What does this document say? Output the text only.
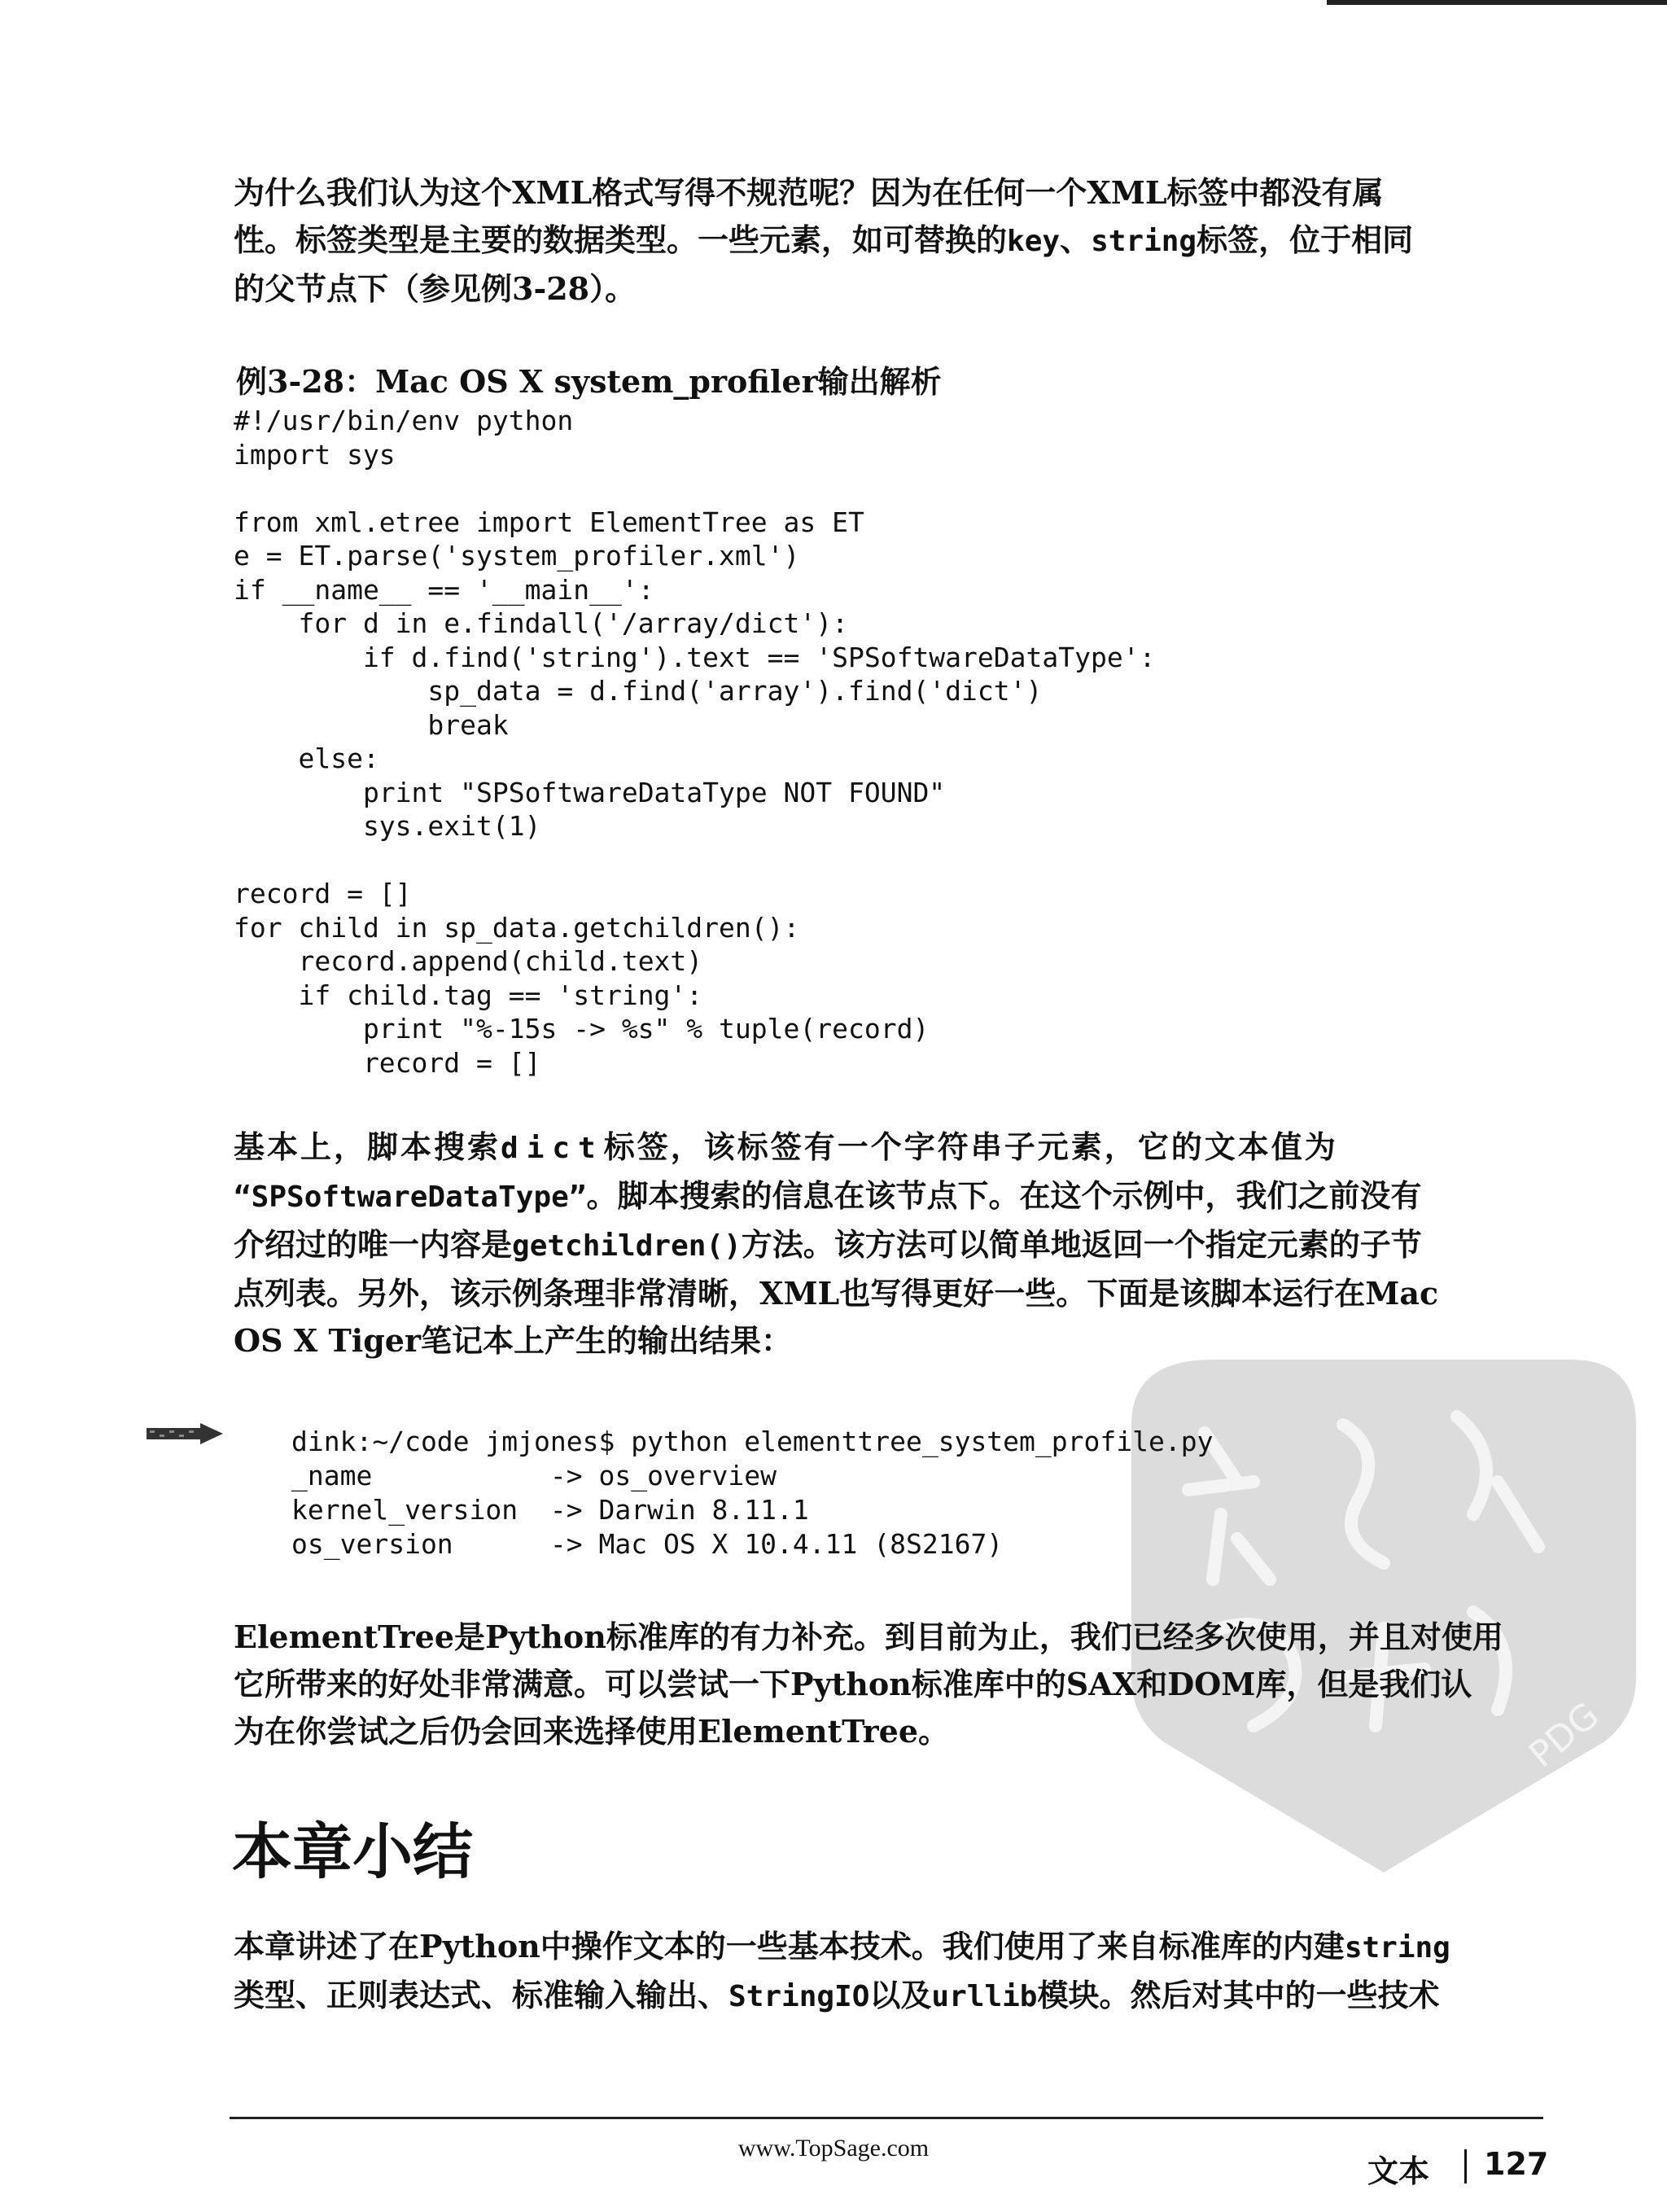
PDG
为什么我们认为这个XML格式写得不规范呢？因为在任何一个XML标签中都没有属
性。标签类型是主要的数据类型。一些元素，如可替换的key、string标签，位于相同
的父节点下（参见例3-28）。
例3-28：Mac OS X system_profiler输出解析
#!/usr/bin/env python
import sys
from xml.etree import ElementTree as ET
e = ET.parse('system_profiler.xml')
if __name__ == '__main__':
for d in e.findall('/array/dict'):
if d.find('string').text == 'SPSoftwareDataType':
sp_data = d.find('array').find('dict')
break
else:
print "SPSoftwareDataType NOT FOUND"
sys.exit(1)
record = []
for child in sp_data.getchildren():
record.append(child.text)
if child.tag == 'string':
print "%-15s -> %s" % tuple(record)
record = []
基本上，脚本搜索dict标签，该标签有一个字符串子元素，它的文本值为
“SPSoftwareDataType”。脚本搜索的信息在该节点下。在这个示例中，我们之前没有
介绍过的唯一内容是getchildren()方法。该方法可以简单地返回一个指定元素的子节
点列表。另外，该示例条理非常清晰，XML也写得更好一些。下面是该脚本运行在Mac
OS X Tiger笔记本上产生的输出结果：
dink:~/code jmjones$ python elementtree_system_profile.py
_name           -> os_overview
kernel_version  -> Darwin 8.11.1
os_version      -> Mac OS X 10.4.11 (8S2167)
ElementTree是Python标准库的有力补充。到目前为止，我们已经多次使用，并且对使用
它所带来的好处非常满意。可以尝试一下Python标准库中的SAX和DOM库，但是我们认
为在你尝试之后仍会回来选择使用ElementTree。
本章小结
本章讲述了在Python中操作文本的一些基本技术。我们使用了来自标准库的内建string
类型、正则表达式、标准输入输出、StringIO以及urllib模块。然后对其中的一些技术
www.TopSage.com
文本 127
